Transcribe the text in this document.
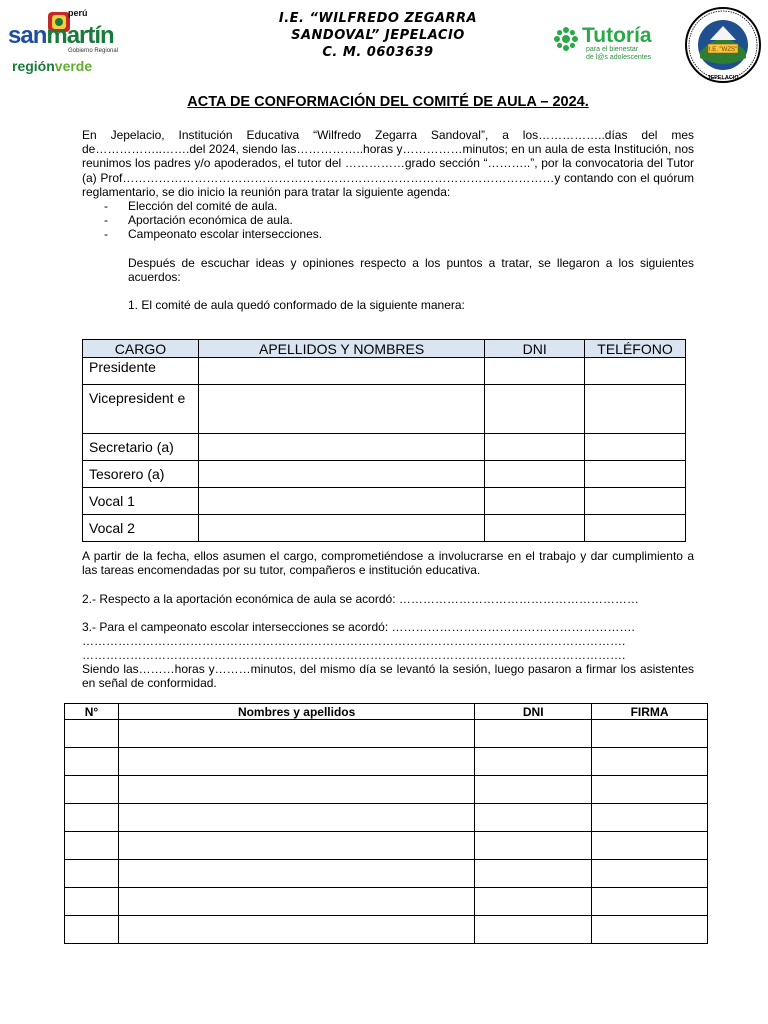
perú
sanmartín
Gobierno Regional
regiónverde
I.E. “WILFREDO ZEGARRA
SANDOVAL” JEPELACIO
C. M. 0603639
Tutoría
para el bienestar
de l@s adolescentes
I.E. "WZS"
JEPELACIO
ACTA DE CONFORMACIÓN DEL COMITÉ DE AULA – 2024.
En Jepelacio, Institución Educativa “Wilfredo Zegarra Sandoval”, a los……………..días del mes de……………..…….del 2024, siendo las……………..horas y……………minutos; en un aula de esta Institución, nos reunimos los padres y/o apoderados, el tutor del ……………grado sección “………..”, por la convocatoria del Tutor (a) Prof………………………………………………………………………………………………y contando con el quórum reglamentario, se dio inicio la reunión para tratar la siguiente agenda:
- Elección del comité de aula.
- Aportación económica de aula.
- Campeonato escolar intersecciones.
Después de escuchar ideas y opiniones respecto a los puntos a tratar, se llegaron a los siguientes acuerdos:
1. El comité de aula quedó conformado de la siguiente manera:
CARGO	APELLIDOS Y NOMBRES	DNI	TELÉFONO
Presidente			
Vicepresident e			
Secretario (a)			
Tesorero (a)			
Vocal 1			
Vocal 2			
A partir de la fecha, ellos asumen el cargo, comprometiéndose a involucrarse en el trabajo y dar cumplimiento a las tareas encomendadas por su tutor, compañeros e institución educativa.
2.- Respecto a la aportación económica de aula se acordó: ……………………………………………………
3.- Para el campeonato escolar intersecciones se acordó: …………………………………………………….
……………………………………………………………………………………………………………………….
……………………………………………………………………………………………………………………….
Siendo las………horas y………minutos, del mismo día se levantó la sesión, luego pasaron a firmar los asistentes en señal de conformidad.
N°	Nombres y apellidos	DNI	FIRMA
